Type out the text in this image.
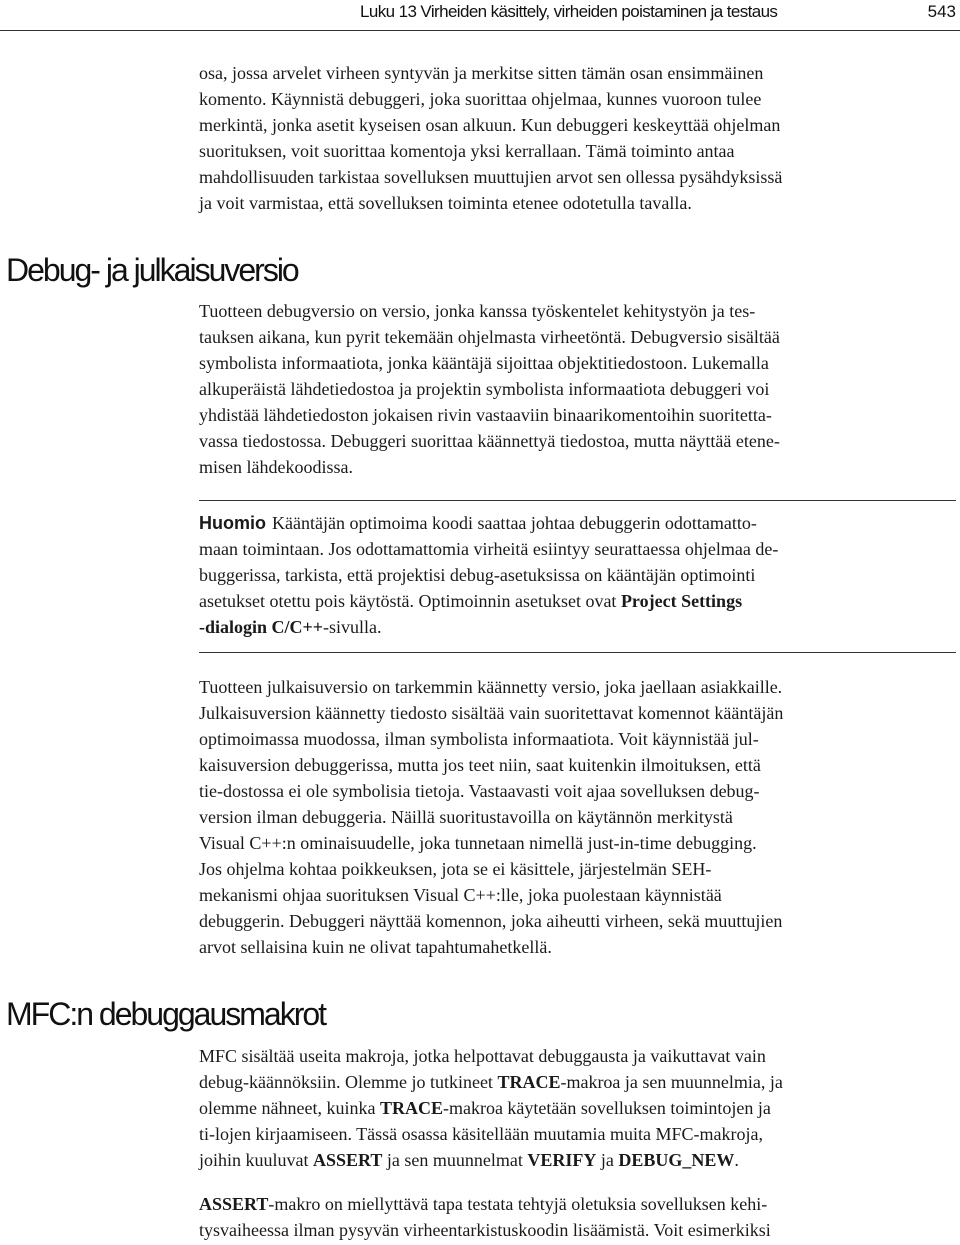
Luku 13 Virheiden käsittely, virheiden poistaminen ja testaus	543

osa, jossa arvelet virheen syntyvän ja merkitse sitten tämän osan ensimmäinen
komento. Käynnistä debuggeri, joka suorittaa ohjelmaa, kunnes vuoroon tulee
merkintä, jonka asetit kyseisen osan alkuun. Kun debuggeri keskeyttää ohjelman
suorituksen, voit suorittaa komentoja yksi kerrallaan. Tämä toiminto antaa
mahdollisuuden tarkistaa sovelluksen muuttujien arvot sen ollessa pysähdyksissä
ja voit varmistaa, että sovelluksen toiminta etenee odotetulla tavalla.

Debug- ja julkaisuversio

Tuotteen debugversio on versio, jonka kanssa työskentelet kehitystyön ja tes-
tauksen aikana, kun pyrit tekemään ohjelmasta virheetöntä. Debugversio sisältää
symbolista informaatiota, jonka kääntäjä sijoittaa objektitiedostoon. Lukemalla
alkuperäistä lähdetiedostoa ja projektin symbolista informaatiota debuggeri voi
yhdistää lähdetiedoston jokaisen rivin vastaaviin binaarikomentoihin suoritetta-
vassa tiedostossa. Debuggeri suorittaa käännettyä tiedostoa, mutta näyttää etene-
misen lähdekoodissa.

Huomio Kääntäjän optimoima koodi saattaa johtaa debuggerin odottamatto-
maan toimintaan. Jos odottamattomia virheitä esiintyy seurattaessa ohjelmaa de-
buggerissa, tarkista, että projektisi debug-asetuksissa on kääntäjän optimointi
asetukset otettu pois käytöstä. Optimoinnin asetukset ovat Project Settings
-dialogin C/C++-sivulla.

Tuotteen julkaisuversio on tarkemmin käännetty versio, joka jaellaan asiakkaille.
Julkaisuversion käännetty tiedosto sisältää vain suoritettavat komennot kääntäjän
optimoimassa muodossa, ilman symbolista informaatiota. Voit käynnistää jul-
kaisuversion debuggerissa, mutta jos teet niin, saat kuitenkin ilmoituksen, että
tie-dostossa ei ole symbolisia tietoja. Vastaavasti voit ajaa sovelluksen debug-
version ilman debuggeria. Näillä suoritustavoilla on käytännön merkitystä
Visual C++:n ominaisuudelle, joka tunnetaan nimellä just-in-time debugging.
Jos ohjelma kohtaa poikkeuksen, jota se ei käsittele, järjestelmän SEH-
mekanismi ohjaa suorituksen Visual C++:lle, joka puolestaan käynnistää
debuggerin. Debuggeri näyttää komennon, joka aiheutti virheen, sekä muuttujien
arvot sellaisina kuin ne olivat tapahtumahetkellä.

MFC:n debuggausmakrot

MFC sisältää useita makroja, jotka helpottavat debuggausta ja vaikuttavat vain
debug-käännöksiin. Olemme jo tutkineet TRACE-makroa ja sen muunnelmia, ja
olemme nähneet, kuinka TRACE-makroa käytetään sovelluksen toimintojen ja
ti-lojen kirjaamiseen. Tässä osassa käsitellään muutamia muita MFC-makroja,
joihin kuuluvat ASSERT ja sen muunnelmat VERIFY ja DEBUG_NEW.

ASSERT-makro on miellyttävä tapa testata tehtyjä oletuksia sovelluksen kehi-
tysvaiheessa ilman pysyvän virheentarkistuskoodin lisäämistä. Voit esimerkiksi
